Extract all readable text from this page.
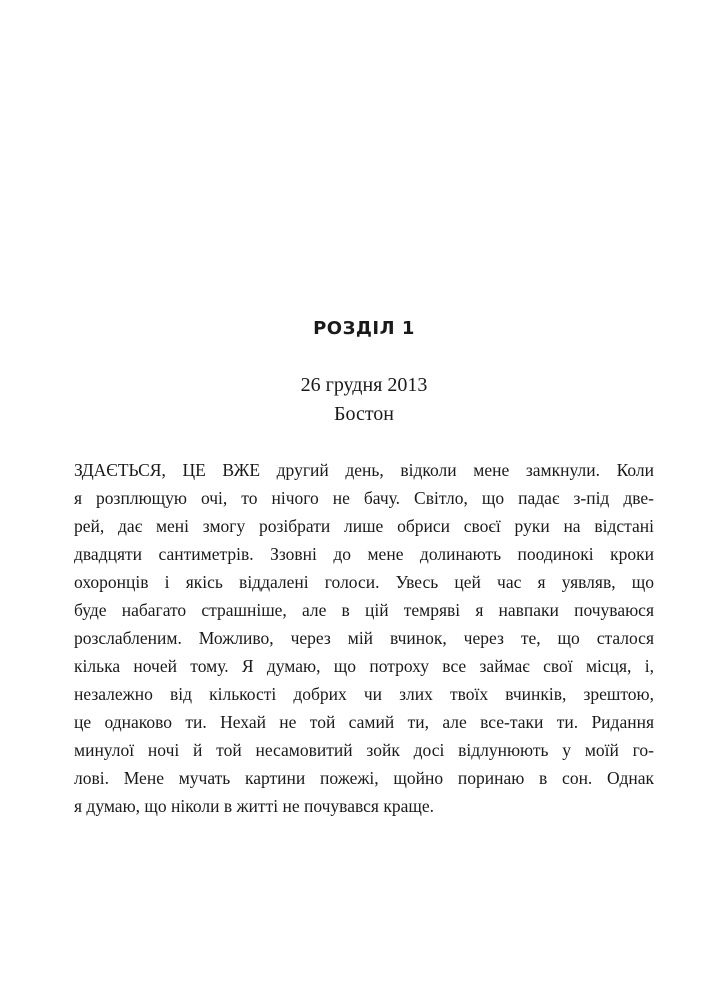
РОЗДІЛ 1

26 грудня 2013

Бостон

ЗДАЄТЬСЯ, ЦЕ ВЖЕ другий день, відколи мене замкнули. Коли
я розплющую очі, то нічого не бачу. Світло, що падає з-під две-
рей, дає мені змогу розібрати лише обриси своєї руки на відстані
двадцяти сантиметрів. Ззовні до мене долинають поодинокі кроки
охоронців і якісь віддалені голоси. Увесь цей час я уявляв, що
буде набагато страшніше, але в цій темряві я навпаки почуваюся
розслабленим. Можливо, через мій вчинок, через те, що сталося
кілька ночей тому. Я думаю, що потроху все займає свої місця, і,
незалежно від кількості добрих чи злих твоїх вчинків, зрештою,
це однаково ти. Нехай не той самий ти, але все-таки ти. Ридання
минулої ночі й той несамовитий зойк досі відлунюють у моїй го-
лові. Мене мучать картини пожежі, щойно поринаю в сон. Однак
я думаю, що ніколи в житті не почувався краще.
